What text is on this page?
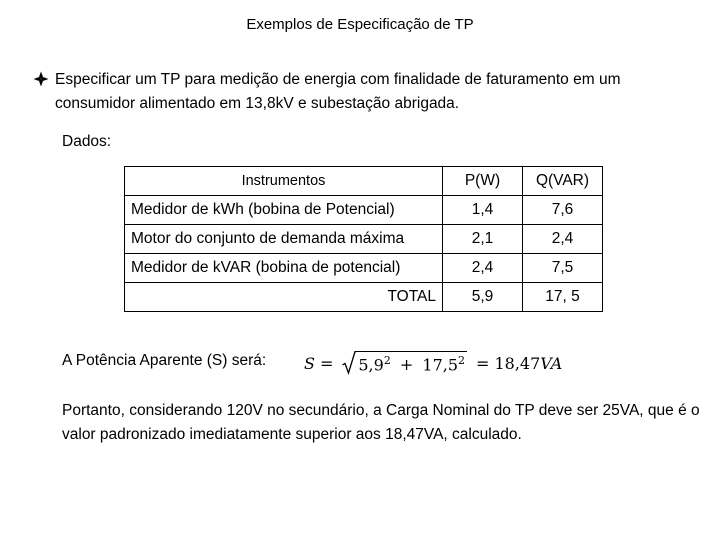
Exemplos de Especificação de TP
Especificar um TP para medição de energia com finalidade de faturamento em um consumidor alimentado em 13,8kV e subestação abrigada.
Dados:
Instrumentos	P(W)	Q(VAR)
Medidor de kWh (bobina de Potencial)	1,4	7,6
Motor do conjunto de demanda máxima	2,1	2,4
Medidor de kVAR (bobina de potencial)	2,4	7,5
TOTAL	5,9	17, 5
A Potência Aparente (S) será: $S = 5,9^2 + 17,5^2 = 18,47$ VA
Portanto, considerando 120V no secundário, a Carga Nominal do TP deve ser 25VA, que é o valor padronizado imediatamente superior aos 18,47VA, calculado.
